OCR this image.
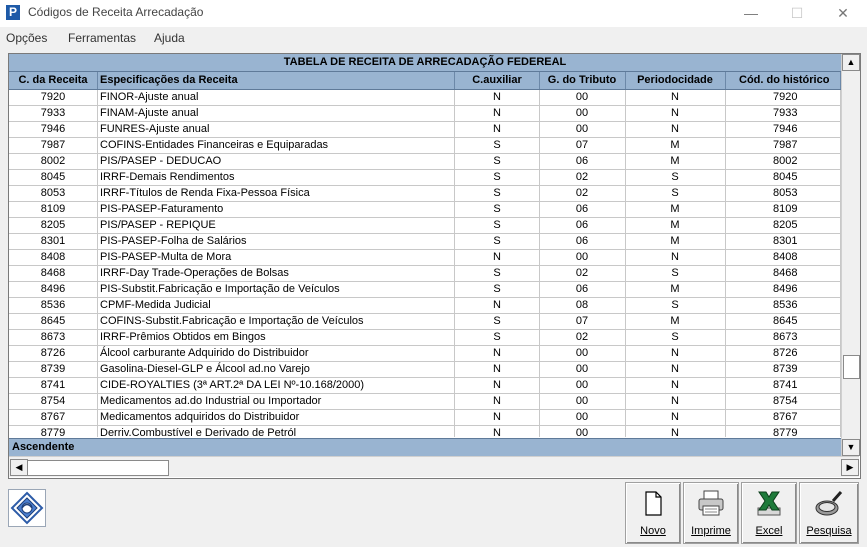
P Códigos de Receita Arrecadação	—	☐	✕
Opções Ferramentas Ajuda
TABELA DE RECEITA DE ARRECADAÇÃO FEDEREAL
C. da Receita	Especificações da Receita	C.auxiliar	G. do Tributo	Periodocidade	Cód. do histórico
7920	FINOR-Ajuste anual	N	00	N	7920
7933	FINAM-Ajuste anual	N	00	N	7933
7946	FUNRES-Ajuste anual	N	00	N	7946
7987	COFINS-Entidades Financeiras e Equiparadas	S	07	M	7987
8002	PIS/PASEP - DEDUCAO	S	06	M	8002
8045	IRRF-Demais Rendimentos	S	02	S	8045
8053	IRRF-Títulos de Renda Fixa-Pessoa Física	S	02	S	8053
8109	PIS-PASEP-Faturamento	S	06	M	8109
8205	PIS/PASEP - REPIQUE	S	06	M	8205
8301	PIS-PASEP-Folha de Salários	S	06	M	8301
8408	PIS-PASEP-Multa de Mora	N	00	N	8408
8468	IRRF-Day Trade-Operações de Bolsas	S	02	S	8468
8496	PIS-Substit.Fabricação e Importação de Veículos	S	06	M	8496
8536	CPMF-Medida Judicial	N	08	S	8536
8645	COFINS-Substit.Fabricação e Importação de Veículos	S	07	M	8645
8673	IRRF-Prêmios Obtidos em Bingos	S	02	S	8673
8726	Álcool carburante Adquirido do Distribuidor	N	00	N	8726
8739	Gasolina-Diesel-GLP e Álcool ad.no Varejo	N	00	N	8739
8741	CIDE-ROYALTIES (3ª ART.2ª DA LEI Nº-10.168/2000)	N	00	N	8741
8754	Medicamentos ad.do Industrial ou Importador	N	00	N	8754
8767	Medicamentos adquiridos do Distribuidor	N	00	N	8767
8779	Derriv.Combustível e Derivado de Petról	N	00	N	8779
Ascendente
▲
▼
◀	▶
Novo	Imprime	Excel	Pesquisa
